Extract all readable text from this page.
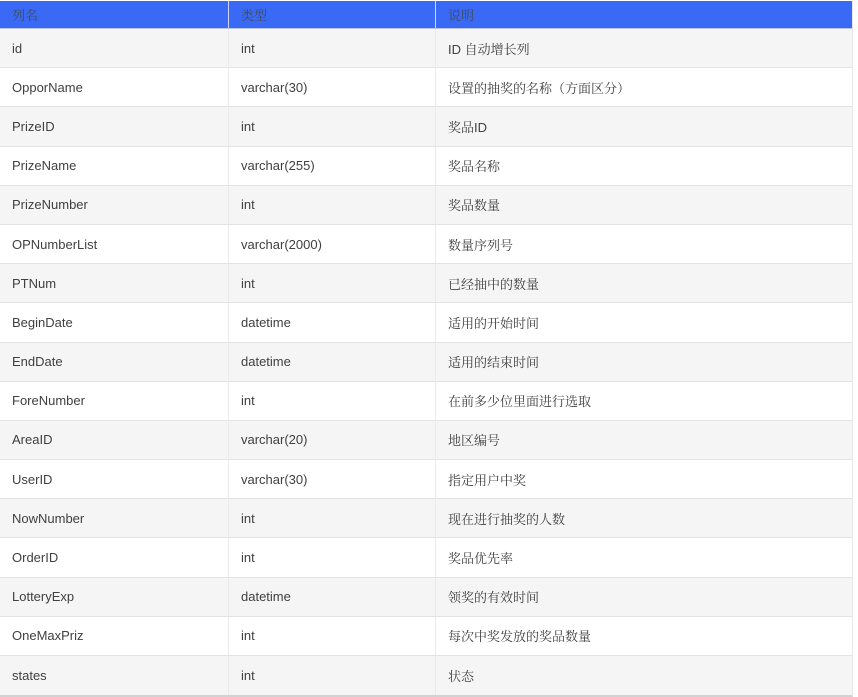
列名	类型	说明
id	int	ID 自动增长列
OpporName	varchar(30)	设置的抽奖的名称（方面区分）
PrizeID	int	奖品ID
PrizeName	varchar(255)	奖品名称
PrizeNumber	int	奖品数量
OPNumberList	varchar(2000)	数量序列号
PTNum	int	已经抽中的数量
BeginDate	datetime	适用的开始时间
EndDate	datetime	适用的结束时间
ForeNumber	int	在前多少位里面进行选取
AreaID	varchar(20)	地区编号
UserID	varchar(30)	指定用户中奖
NowNumber	int	现在进行抽奖的人数
OrderID	int	奖品优先率
LotteryExp	datetime	领奖的有效时间
OneMaxPriz	int	每次中奖发放的奖品数量
states	int	状态
